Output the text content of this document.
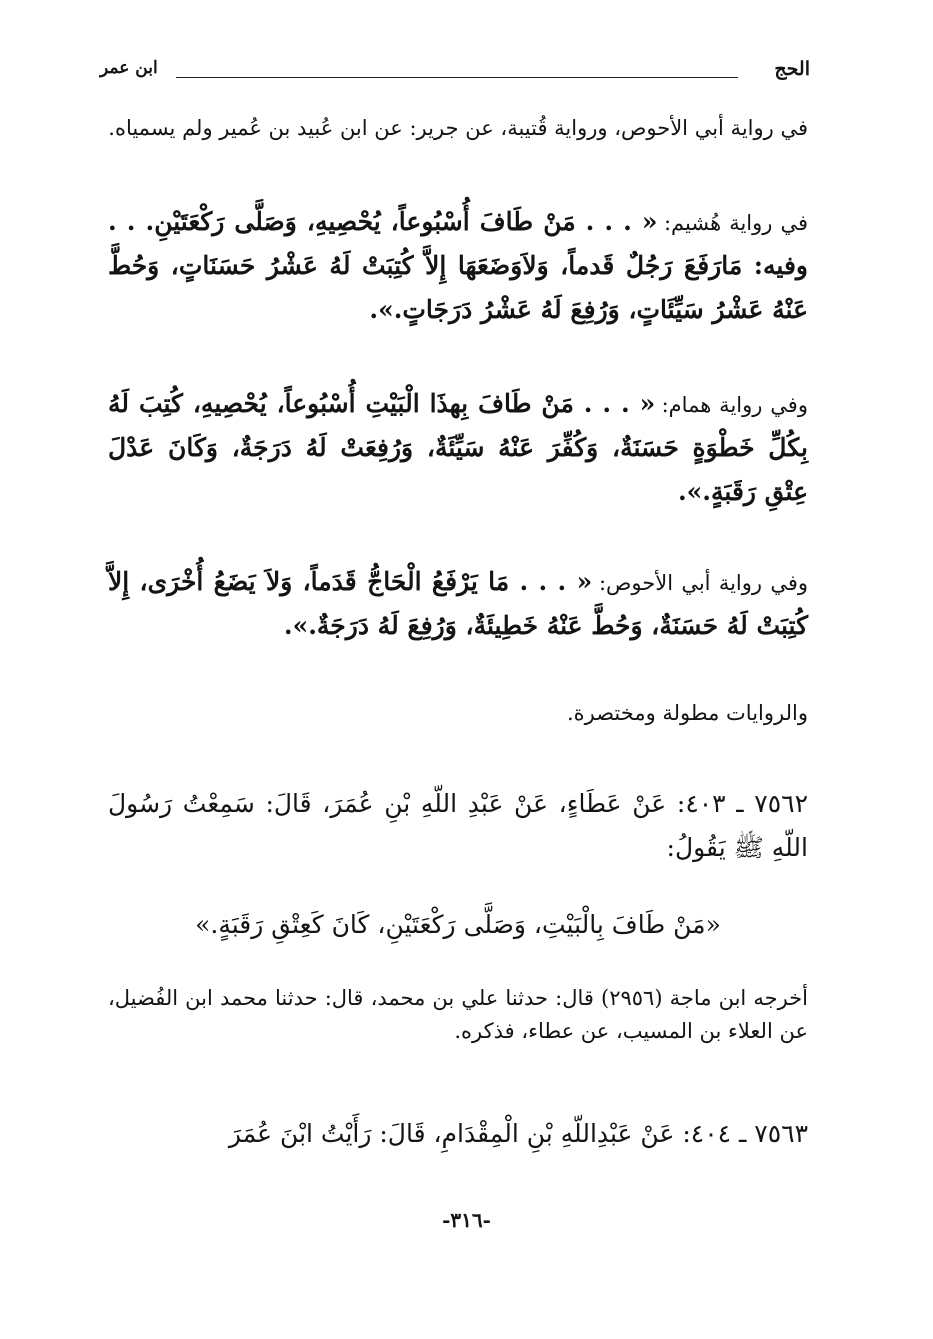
الحج
ابن عمر
في رواية أبي الأحوص، ورواية قُتيبة، عن جرير: عن ابن عُبيد بن عُمير ولم يسمياه.
في رواية هُشيم: « . . . مَنْ طَافَ أُسْبُوعاً، يُحْصِيهِ، وَصَلَّى رَكْعَتَيْنِ. . . وفيه: مَارَفَعَ رَجُلٌ قَدماً، وَلاَوَضَعَهَا إِلاَّ كُتِبَتْ لَهُ عَشْرُ حَسَنَاتٍ، وَحُطَّ عَنْهُ عَشْرُ سَيِّئَاتٍ، وَرُفِعَ لَهُ عَشْرُ دَرَجَاتٍ.».
وفي رواية همام: « . . . مَنْ طَافَ بِهذَا الْبَيْتِ أُسْبُوعاً، يُحْصِيهِ، كُتِبَ لَهُ بِكُلِّ خَطْوَةٍ حَسَنَةٌ، وَكُفِّرَ عَنْهُ سَيِّئَةٌ، وَرُفِعَتْ لَهُ دَرَجَةٌ، وَكَانَ عَدْلَ عِتْقِ رَقَبَةٍ.».
وفي رواية أبي الأحوص: « . . . مَا يَرْفَعُ الْحَاجُّ قَدَماً، وَلاَ يَضَعُ أُخْرَى، إِلاَّ كُتِبَتْ لَهُ حَسَنَةٌ، وَحُطَّ عَنْهُ خَطِيئَةٌ، وَرُفِعَ لَهُ دَرَجَةٌ.».
والروايات مطولة ومختصرة.
٧٥٦٢ ـ ٤٠٣: عَنْ عَطَاءٍ، عَنْ عَبْدِ اللّهِ بْنِ عُمَرَ، قَالَ: سَمِعْتُ رَسُولَ اللّهِ ﷺ يَقُولُ:
«مَنْ طَافَ بِالْبَيْتِ، وَصَلَّى رَكْعَتَيْنِ، كَانَ كَعِتْقِ رَقَبَةٍ.»
أخرجه ابن ماجة (٢٩٥٦) قال: حدثنا علي بن محمد، قال: حدثنا محمد ابن الفُضيل، عن العلاء بن المسيب، عن عطاء، فذكره.
٧٥٦٣ ـ ٤٠٤: عَنْ عَبْدِاللّهِ بْنِ الْمِقْدَامِ، قَالَ: رَأَيْتُ ابْنَ عُمَرَ
-٣١٦-
